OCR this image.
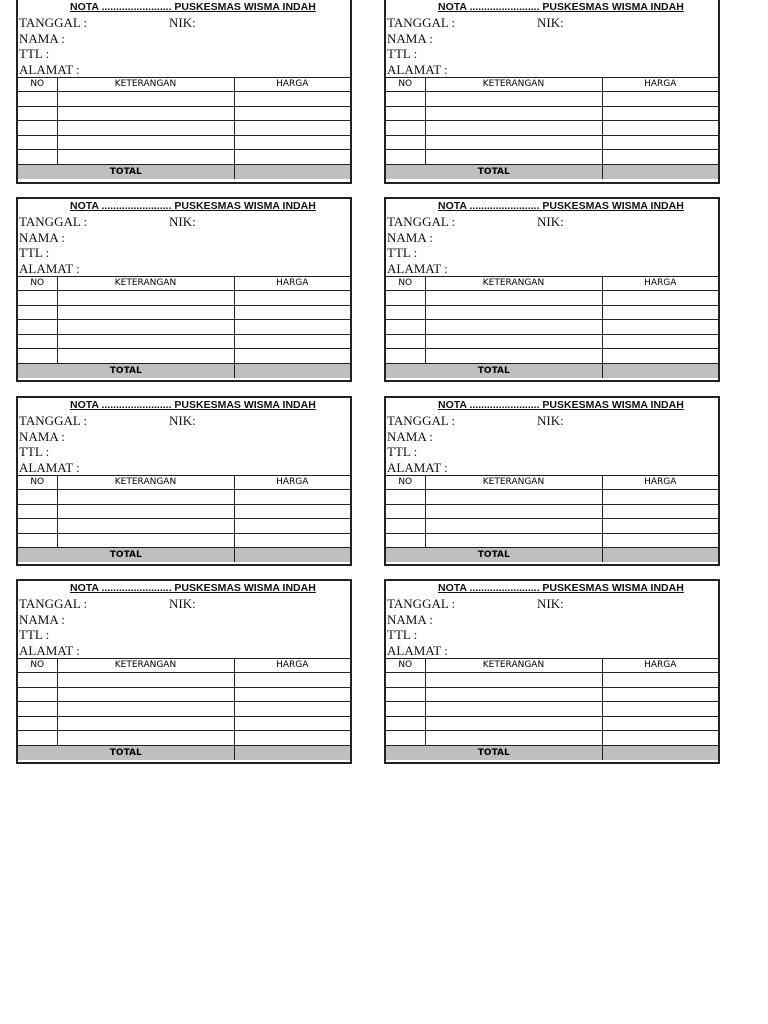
NOTA ........................ PUSKESMAS WISMA INDAH
TANGGAL :	NIK:
NAMA :
TTL :
ALAMAT :
NO	KETERANGAN	HARGA

TOTAL		
NOTA ........................ PUSKESMAS WISMA INDAH
TANGGAL :	NIK:
NAMA :
TTL :
ALAMAT :
NO	KETERANGAN	HARGA

TOTAL		
NOTA ........................ PUSKESMAS WISMA INDAH
TANGGAL :	NIK:
NAMA :
TTL :
ALAMAT :
NO	KETERANGAN	HARGA

TOTAL		
NOTA ........................ PUSKESMAS WISMA INDAH
TANGGAL :	NIK:
NAMA :
TTL :
ALAMAT :
NO	KETERANGAN	HARGA

TOTAL		
NOTA ........................ PUSKESMAS WISMA INDAH
TANGGAL :	NIK:
NAMA :
TTL :
ALAMAT :
NO	KETERANGAN	HARGA

TOTAL		
NOTA ........................ PUSKESMAS WISMA INDAH
TANGGAL :	NIK:
NAMA :
TTL :
ALAMAT :
NO	KETERANGAN	HARGA

TOTAL		
NOTA ........................ PUSKESMAS WISMA INDAH
TANGGAL :	NIK:
NAMA :
TTL :
ALAMAT :
NO	KETERANGAN	HARGA

TOTAL		
NOTA ........................ PUSKESMAS WISMA INDAH
TANGGAL :	NIK:
NAMA :
TTL :
ALAMAT :
NO	KETERANGAN	HARGA

TOTAL		
